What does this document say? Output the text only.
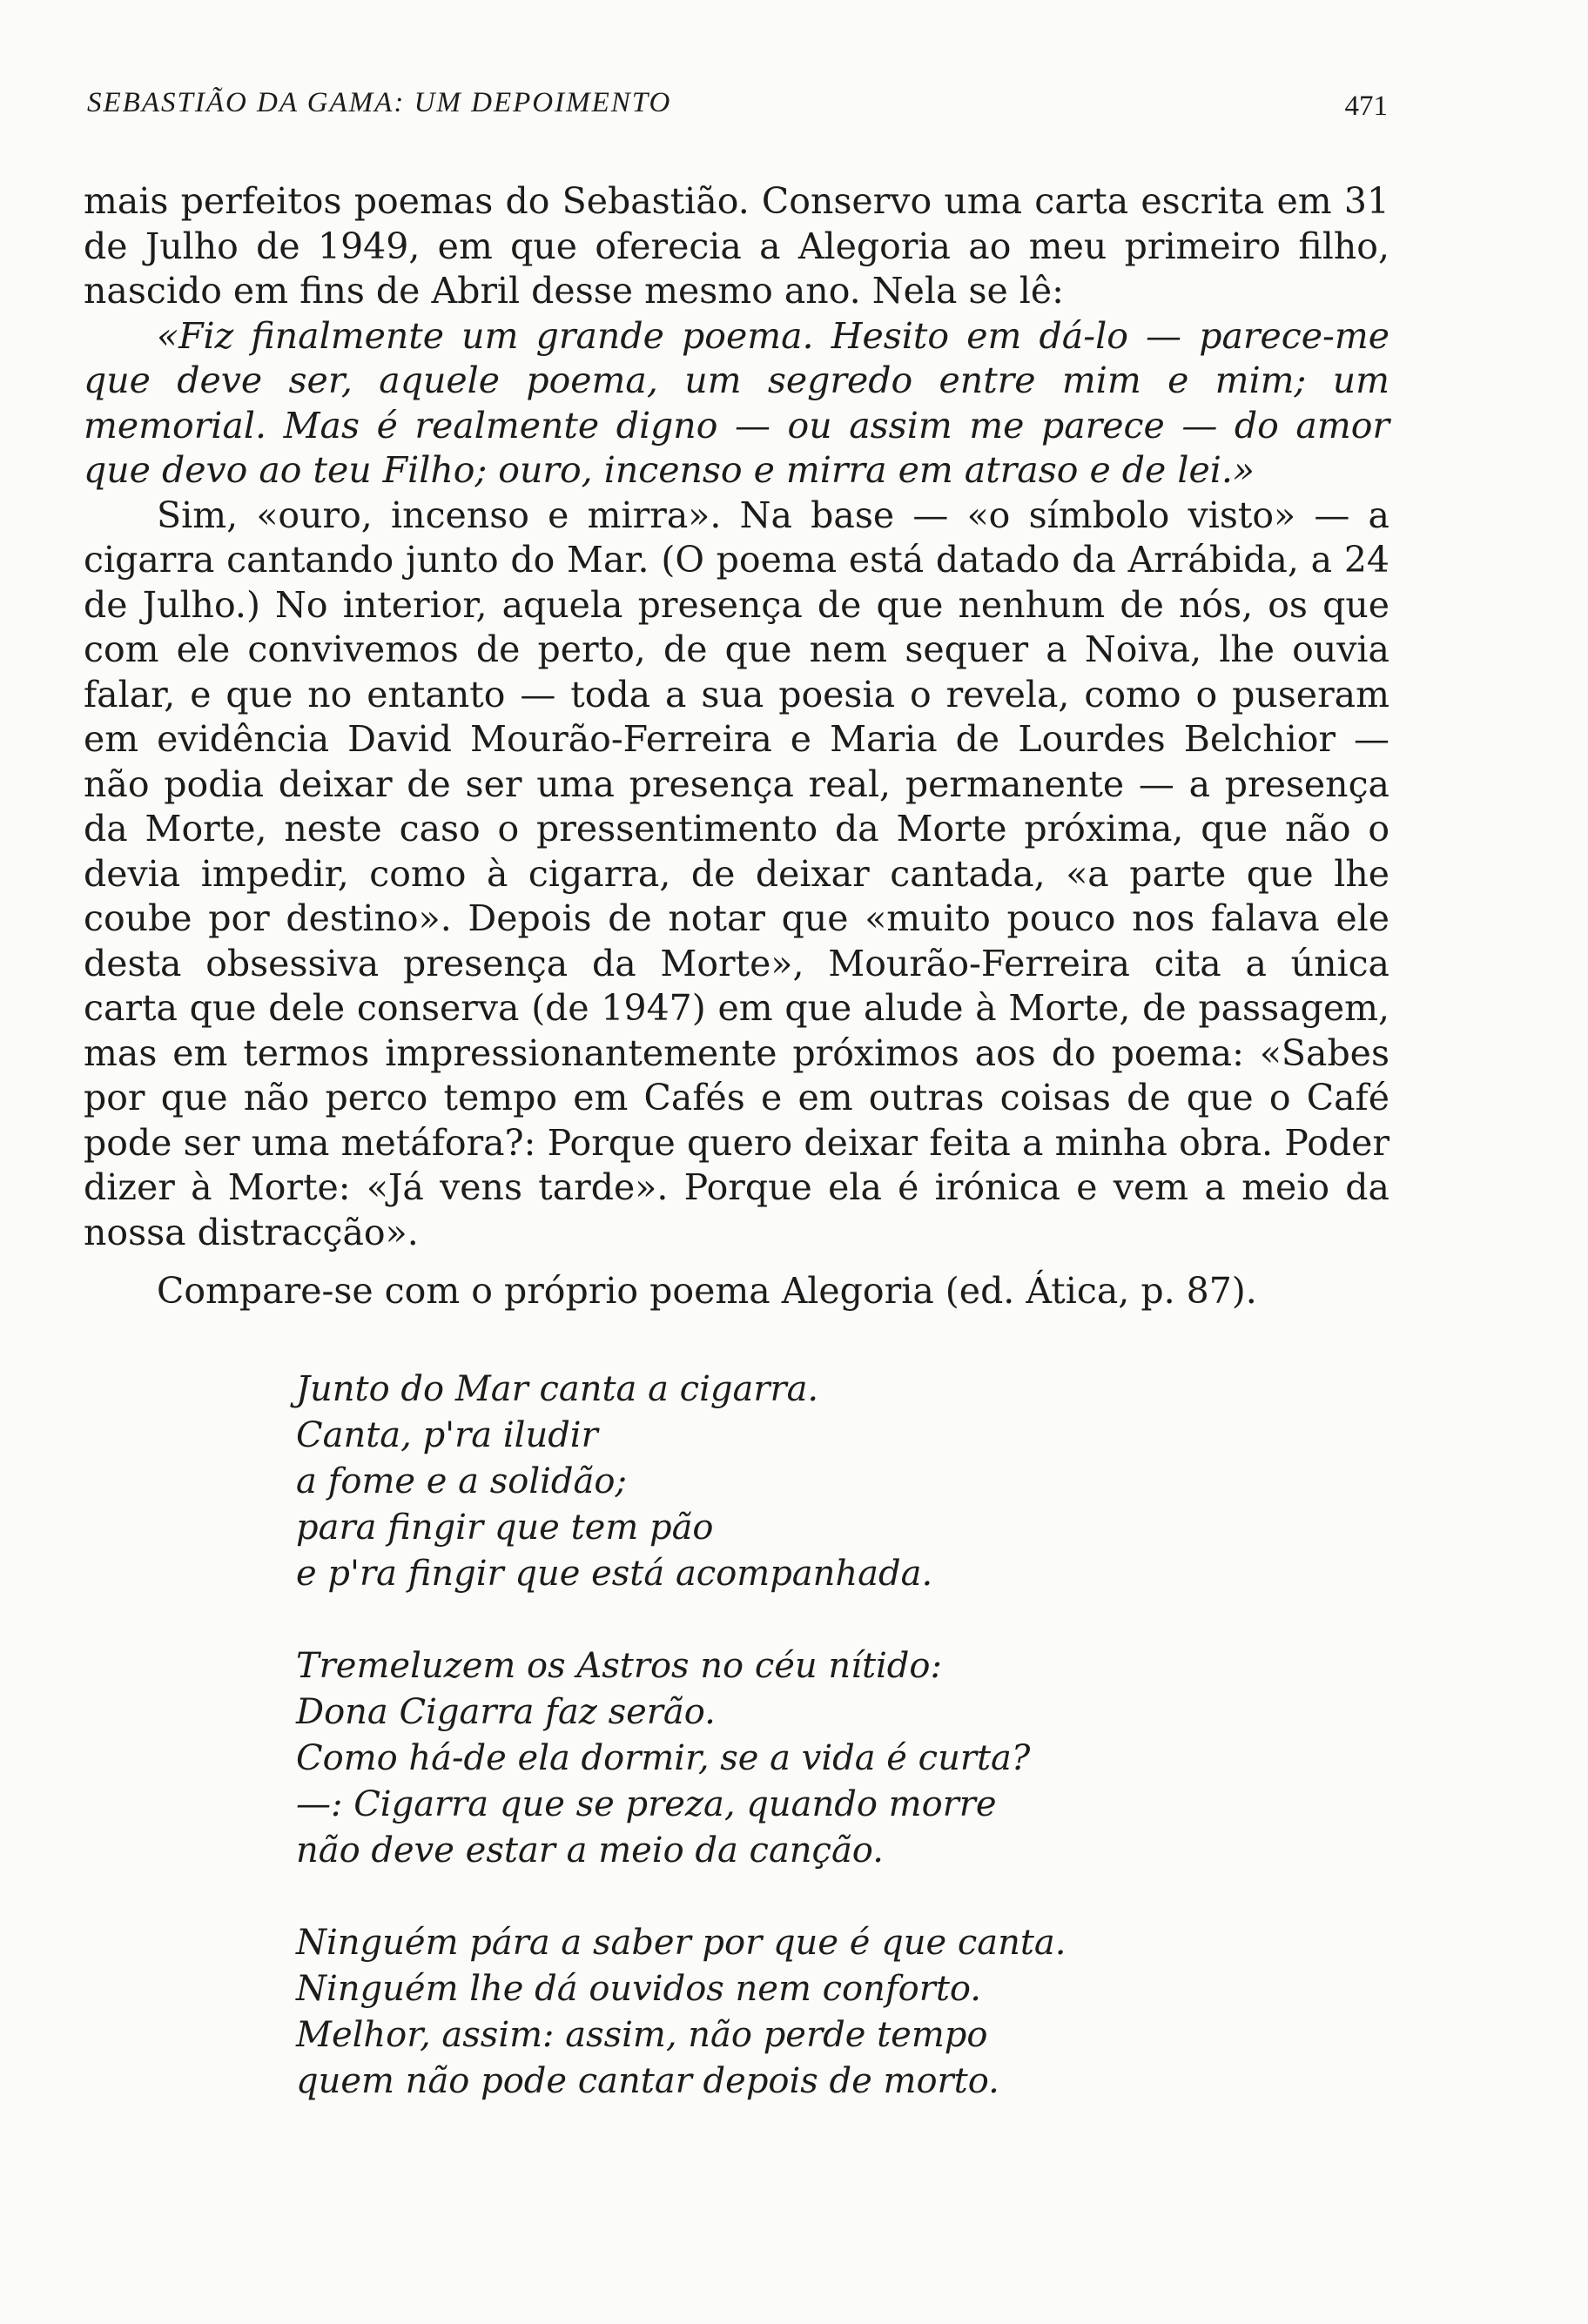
SEBASTIÃO DA GAMA: UM DEPOIMENTO	471

mais perfeitos poemas do Sebastião. Conservo uma carta escrita em 31 de Julho de 1949, em que oferecia a Alegoria ao meu primeiro filho, nascido em fins de Abril desse mesmo ano. Nela se lê:

«Fiz finalmente um grande poema. Hesito em dá-lo — parece-me que deve ser, aquele poema, um segredo entre mim e mim; um memorial. Mas é realmente digno — ou assim me parece — do amor que devo ao teu Filho; ouro, incenso e mirra em atraso e de lei.»

Sim, «ouro, incenso e mirra». Na base — «o símbolo visto» — a cigarra cantando junto do Mar. (O poema está datado da Arrábida, a 24 de Julho.) No interior, aquela presença de que nenhum de nós, os que com ele convivemos de perto, de que nem sequer a Noiva, lhe ouvia falar, e que no entanto — toda a sua poesia o revela, como o puseram em evidência David Mourão-Ferreira e Maria de Lourdes Belchior — não podia deixar de ser uma presença real, permanente — a presença da Morte, neste caso o pressentimento da Morte próxima, que não o devia impedir, como à cigarra, de deixar cantada, «a parte que lhe coube por destino». Depois de notar que «muito pouco nos falava ele desta obsessiva presença da Morte», Mourão-Ferreira cita a única carta que dele conserva (de 1947) em que alude à Morte, de passagem, mas em termos impressionantemente próximos aos do poema: «Sabes por que não perco tempo em Cafés e em outras coisas de que o Café pode ser uma metáfora?: Porque quero deixar feita a minha obra. Poder dizer à Morte: «Já vens tarde». Porque ela é irónica e vem a meio da nossa distracção».

Compare-se com o próprio poema Alegoria (ed. Ática, p. 87).

Junto do Mar canta a cigarra.
Canta, p'ra iludir
a fome e a solidão;
para fingir que tem pão
e p'ra fingir que está acompanhada.
Tremeluzem os Astros no céu nítido:
Dona Cigarra faz serão.
Como há-de ela dormir, se a vida é curta?
—: Cigarra que se preza, quando morre
não deve estar a meio da canção.
Ninguém pára a saber por que é que canta.
Ninguém lhe dá ouvidos nem conforto.
Melhor, assim: assim, não perde tempo
quem não pode cantar depois de morto.
